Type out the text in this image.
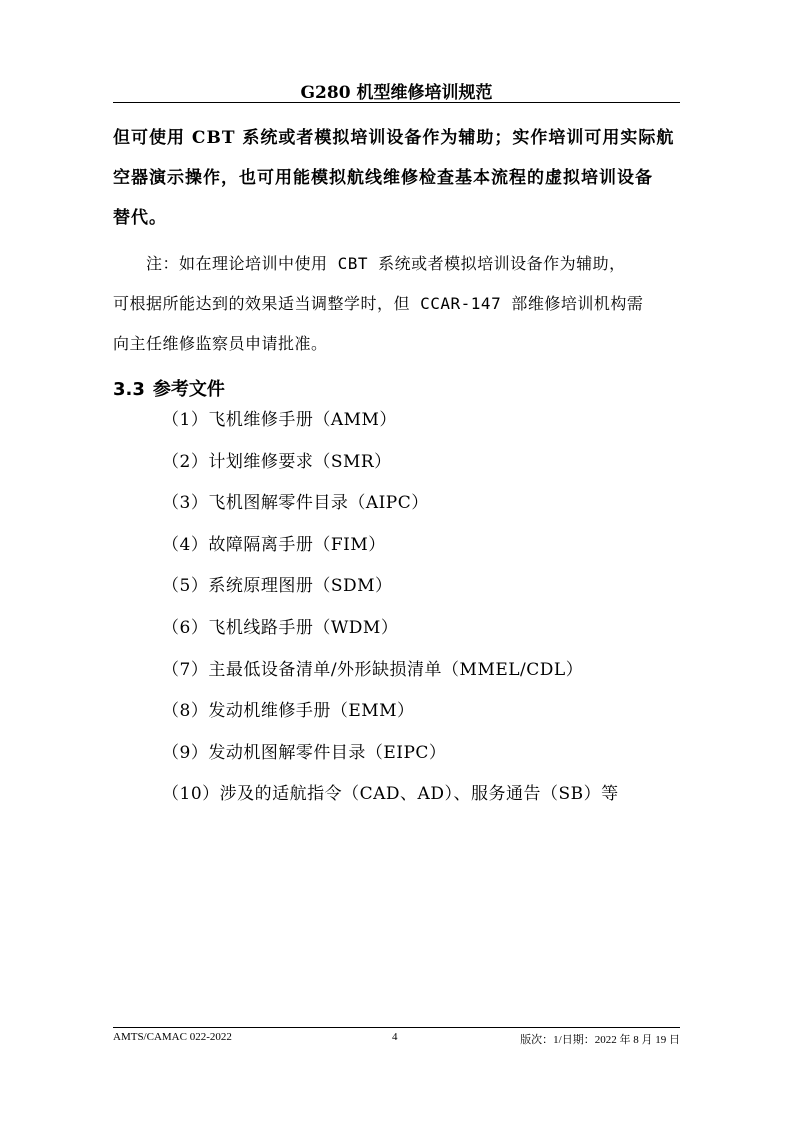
G280 机型维修培训规范
但可使用 CBT 系统或者模拟培训设备作为辅助；实作培训可用实际航
空器演示操作，也可用能模拟航线维修检查基本流程的虚拟培训设备
替代。
　　注：如在理论培训中使用 CBT 系统或者模拟培训设备作为辅助，
可根据所能达到的效果适当调整学时，但 CCAR-147 部维修培训机构需
向主任维修监察员申请批准。
3.3 参考文件
（1）飞机维修手册（AMM）
（2）计划维修要求（SMR）
（3）飞机图解零件目录（AIPC）
（4）故障隔离手册（FIM）
（5）系统原理图册（SDM）
（6）飞机线路手册（WDM）
（7）主最低设备清单/外形缺损清单（MMEL/CDL）
（8）发动机维修手册（EMM）
（9）发动机图解零件目录（EIPC）
（10）涉及的适航指令（CAD、AD）、服务通告（SB）等
AMTS/CAMAC 022-2022	4	版次：1/日期：2022 年 8 月 19 日
